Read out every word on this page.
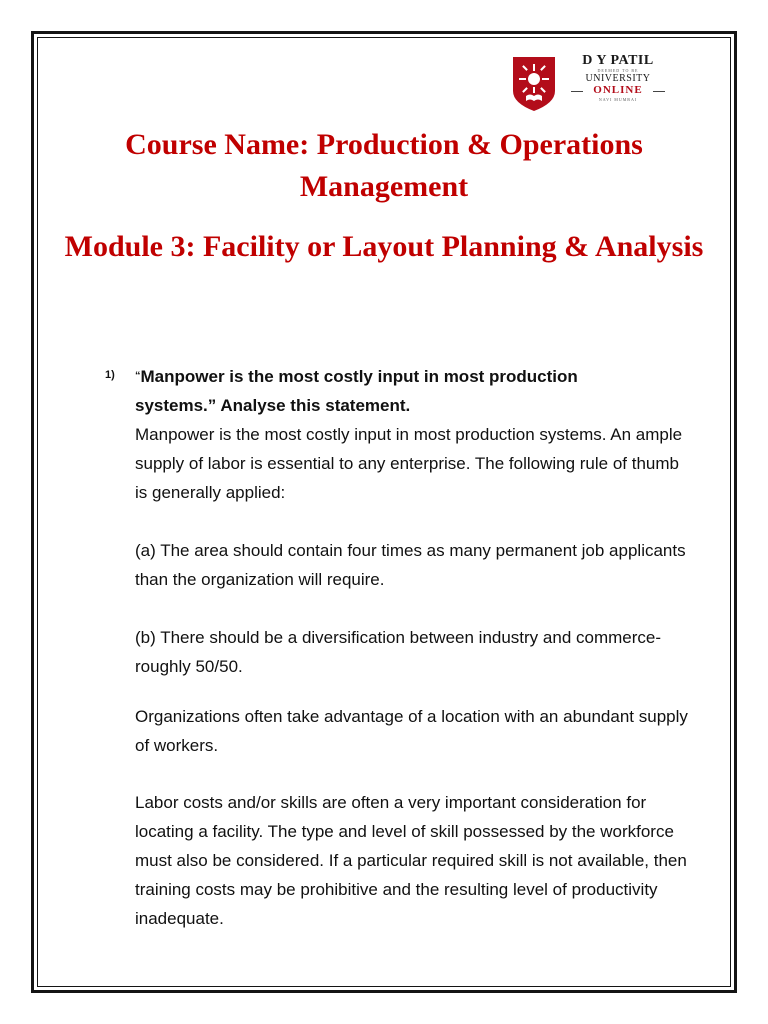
D Y PATIL
DEEMED TO BE
UNIVERSITY
ONLINE
NAVI MUMBAI
Course Name: Production & Operations Management
Module 3: Facility or Layout Planning & Analysis
1) “Manpower is the most costly input in most production systems.” Analyse this statement.

Manpower is the most costly input in most production systems. An ample supply of labor is essential to any enterprise. The following rule of thumb is generally applied:

(a) The area should contain four times as many permanent job applicants than the organization will require.

(b) There should be a diversification between industry and commerce-roughly 50/50.

Organizations often take advantage of a location with an abundant supply of workers.

Labor costs and/or skills are often a very important consideration for locating a facility. The type and level of skill possessed by the workforce must also be considered. If a particular required skill is not available, then training costs may be prohibitive and the resulting level of productivity inadequate.
